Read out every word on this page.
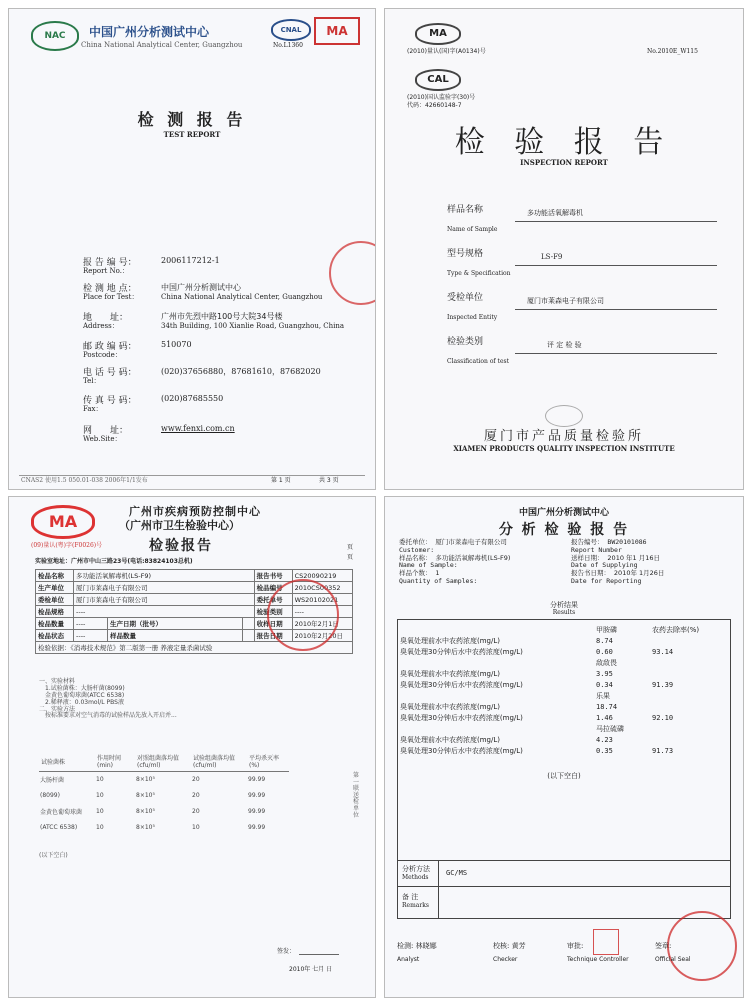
NAC	中国广州分析测试中心
China National Analytical Center, Guangzhou
CNAL
No.L1360
MA
检 测 报 告
TEST REPORT
报 告 编 号：
Report No.：
2006117212-1
检 测 地 点：
Place for Test：
中国广州分析测试中心
China National Analytical Center, Guangzhou
地　　址：
Address：
广州市先烈中路100号大院34号楼
34th Building, 100 Xianlie Road, Guangzhou, China
邮 政 编 码：
Postcode：
510070
电 话 号 码：
Tel：
(020)37656880，87681610，87682020
传 真 号 码：
Fax：
(020)87685550
网　　址：
Web.Site：
www.fenxi.com.cn
CNAS2 使用1.5 050.01-038 2006年1/1发布	第 1 页	共 3 页
MA
(2010)量认(国)字(A0134)号	No.2010E_W115
CAL
(2010)国认监验字(30)号
代码：42660148-7
检 验 报 告
INSPECTION REPORT
样品名称
Name of Sample
多功能活氧解毒机
型号规格
Type & Specification
LS-F9
受检单位
Inspected Entity
厦门市莱森电子有限公司
检验类别
Classification of test
评 定 检 验
厦门市产品质量检验所
XIAMEN PRODUCTS QUALITY INSPECTION INSTITUTE
MA
(09)量认(粤)字(F0026)号
广州市疾病预防控制中心
（广州市卫生检验中心）
检验报告	页
页
实验室地址：广州市中山三路23号(电话:83824103总机)
检品名称	多功能活氧解毒机(LS-F9)			报告书号	CS20090219
生产单位	厦门市莱森电子有限公司			检品编号	2010CS00352
委检单位	厦门市莱森电子有限公司			委托单号	WS20102021
检品规格	----			检验类别	----
检品数量	----	生产日期（批号）		收样日期	2010年2月1日
检品状态	----	样品数量		报告日期	2010年2月20日
检验依据：《消毒技术规范》第二版第一册 养液定量杀菌试验					
一、实验材料
1.试验菌株：大肠杆菌(8099)
金黄色葡萄球菌(ATCC 6538)
2.稀释液：0.03mol/L PBS液
二、实验方法
按标准要求对空气消毒的试验样品先放入开启并...
试验菌株	作用时间(min)	对照组菌落均值(cfu/ml)	试验组菌落均值(cfu/ml)	平均杀灭率(%)
大肠杆菌	10	8×10⁵	20	99.99
(8099)	10	8×10⁵	20	99.99
金黄色葡萄球菌	10	8×10⁵	20	99.99
(ATCC 6538)	10	8×10⁵	10	99.99
第一联 送检单位
(以下空白)
签发：
2010年 七月 日
中国广州分析测试中心
分 析 检 验 报 告
委托单位： 厦门市莱森电子有限公司
Customer:
样品名称： 多功能活氧解毒机(LS-F9)
Name of Sample:
样品个数： 1
Quantity of Samples:
报告编号： BW20101086
Report Number
送样日期： 2010 年1 月16日
Date of Supplying
报告书日期： 2010年 1月26日
Date for Reporting
分析结果
Results
	甲胺磷	农药去除率(%)
臭氧处理前水中农药浓度(mg/L)	8.74	
臭氧处理30分钟后水中农药浓度(mg/L)	0.60	93.14
	敌敌畏	
臭氧处理前水中农药浓度(mg/L)	3.95	
臭氧处理30分钟后水中农药浓度(mg/L)	0.34	91.39
	乐果	
臭氧处理前水中农药浓度(mg/L)	18.74	
臭氧处理30分钟后水中农药浓度(mg/L)	1.46	92.10
	马拉硫磷	
臭氧处理前水中农药浓度(mg/L)	4.23	
臭氧处理30分钟后水中农药浓度(mg/L)	0.35	91.73
(以下空白)
分析方法
Methods
GC/MS
备 注
Remarks
检测: 林晓娜
Analyst
校核: 黄芳
Checker
审批:
Technique Controller
签章:
Official Seal
